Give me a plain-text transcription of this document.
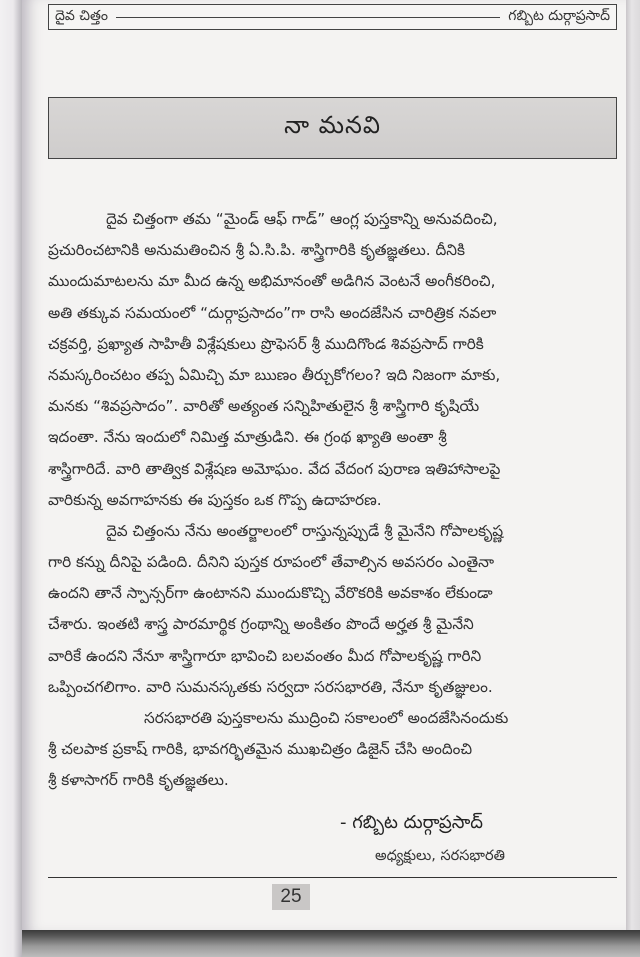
దైవ చిత్తం	గబ్బిట దుర్గాప్రసాద్
నా మనవి
దైవ చిత్తంగా తమ “మైండ్ ఆఫ్ గాడ్” ఆంగ్ల పుస్తకాన్ని అనువదించి,
ప్రచురించటానికి అనుమతించిన శ్రీ ఏ.సి.పి. శాస్త్రిగారికి కృతజ్ఞతలు. దీనికి
ముందుమాటలను మా మీద ఉన్న అభిమానంతో అడిగిన వెంటనే అంగీకరించి,
అతి తక్కువ సమయంలో “దుర్గాప్రసాదం”గా రాసి అందజేసిన చారిత్రిక నవలా
చక్రవర్తి, ప్రఖ్యాత సాహితీ విశ్లేషకులు ప్రొఫెసర్ శ్రీ ముదిగొండ శివప్రసాద్ గారికి
నమస్కరించటం తప్ప ఏమిచ్చి మా ఋణం తీర్చుకోగలం? ఇది నిజంగా మాకు,
మనకు “శివప్రసాదం”. వారితో అత్యంత సన్నిహితులైన శ్రీ శాస్త్రిగారి కృషియే
ఇదంతా. నేను ఇందులో నిమిత్త మాత్రుడిని. ఈ గ్రంథ ఖ్యాతి అంతా శ్రీ
శాస్త్రిగారిదే. వారి తాత్విక విశ్లేషణ అమోఘం. వేద వేదంగ పురాణ ఇతిహాసాలపై
వారికున్న అవగాహనకు ఈ పుస్తకం ఒక గొప్ప ఉదాహరణ.
దైవ చిత్తంను నేను అంతర్జాలంలో రాస్తున్నప్పుడే శ్రీ మైనేని గోపాలకృష్ణ
గారి కన్ను దీనిపై పడింది. దీనిని పుస్తక రూపంలో తేవాల్సిన అవసరం ఎంతైనా
ఉందని తానే స్పాన్సర్‌గా ఉంటానని ముందుకొచ్చి వేరొకరికి అవకాశం లేకుండా
చేశారు. ఇంతటి శాస్త్ర పారమార్థిక గ్రంథాన్ని అంకితం పొందే అర్హత శ్రీ మైనేని
వారికే ఉందని నేనూ శాస్త్రిగారూ భావించి బలవంతం మీద గోపాలకృష్ణ గారిని
ఒప్పించగలిగాం. వారి సుమనస్కతకు సర్వదా సరసభారతి, నేనూ కృతజ్ఞులం.
సరసభారతి పుస్తకాలను ముద్రించి సకాలంలో అందజేసినందుకు
శ్రీ చలపాక ప్రకాష్ గారికి, భావగర్భితమైన ముఖచిత్రం డిజైన్ చేసి అందించి
శ్రీ కళాసాగర్ గారికి కృతజ్ఞతలు.
- గబ్బిట దుర్గాప్రసాద్
అధ్యక్షులు, సరసభారతి
25
